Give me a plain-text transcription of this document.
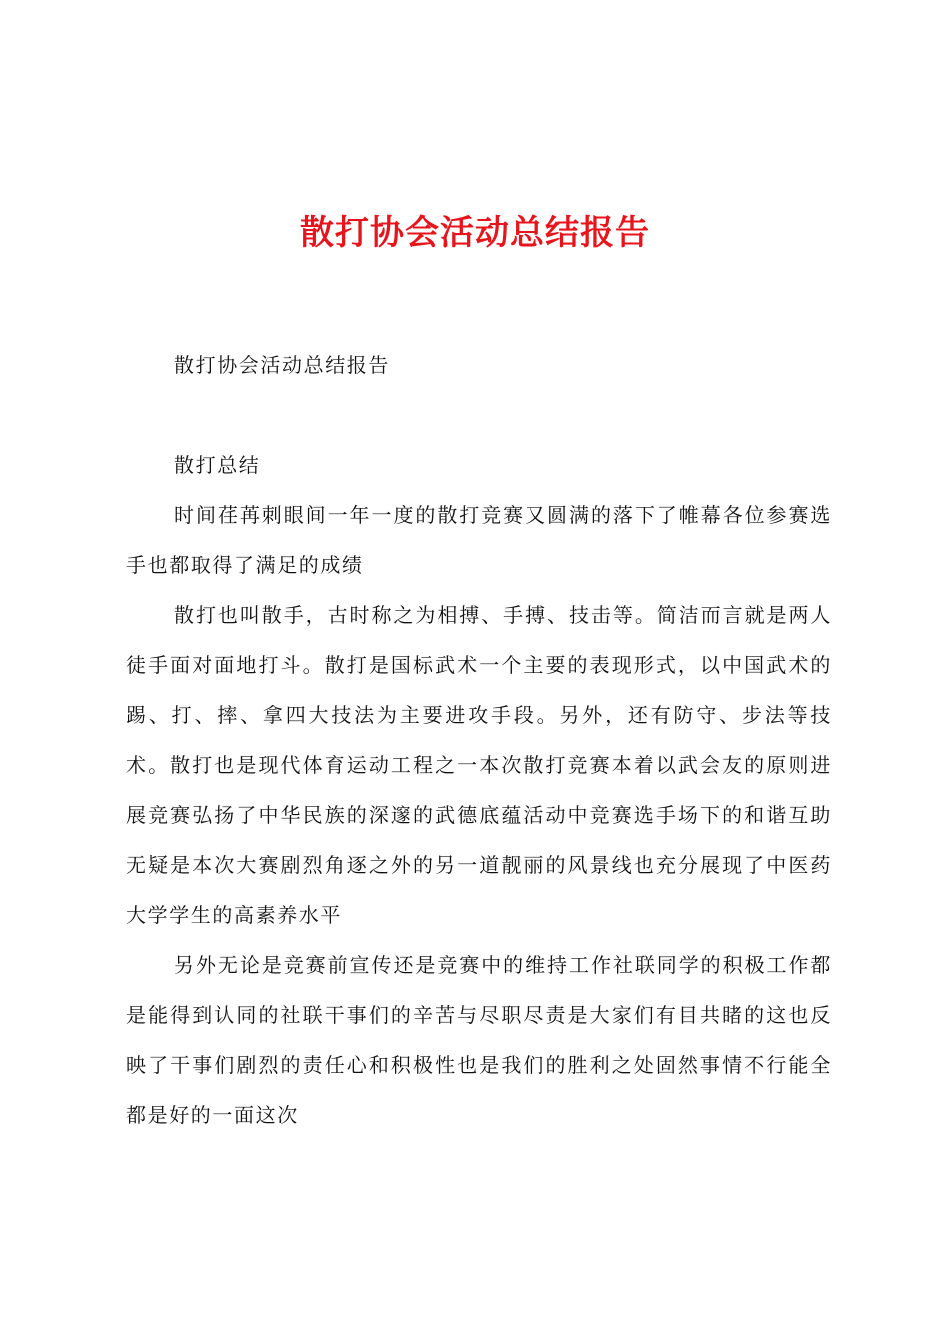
散打协会活动总结报告

散打协会活动总结报告

散打总结

时间荏苒刺眼间一年一度的散打竞赛又圆满的落下了帷幕各位参赛选手也都取得了满足的成绩

散打也叫散手，古时称之为相搏、手搏、技击等。简洁而言就是两人徒手面对面地打斗。散打是国标武术一个主要的表现形式，以中国武术的踢、打、摔、拿四大技法为主要进攻手段。另外，还有防守、步法等技术。散打也是现代体育运动工程之一本次散打竞赛本着以武会友的原则进展竞赛弘扬了中华民族的深邃的武德底蕴活动中竞赛选手场下的和谐互助无疑是本次大赛剧烈角逐之外的另一道靓丽的风景线也充分展现了中医药大学学生的高素养水平

另外无论是竞赛前宣传还是竞赛中的维持工作社联同学的积极工作都是能得到认同的社联干事们的辛苦与尽职尽责是大家们有目共睹的这也反映了干事们剧烈的责任心和积极性也是我们的胜利之处固然事情不行能全都是好的一面这次
